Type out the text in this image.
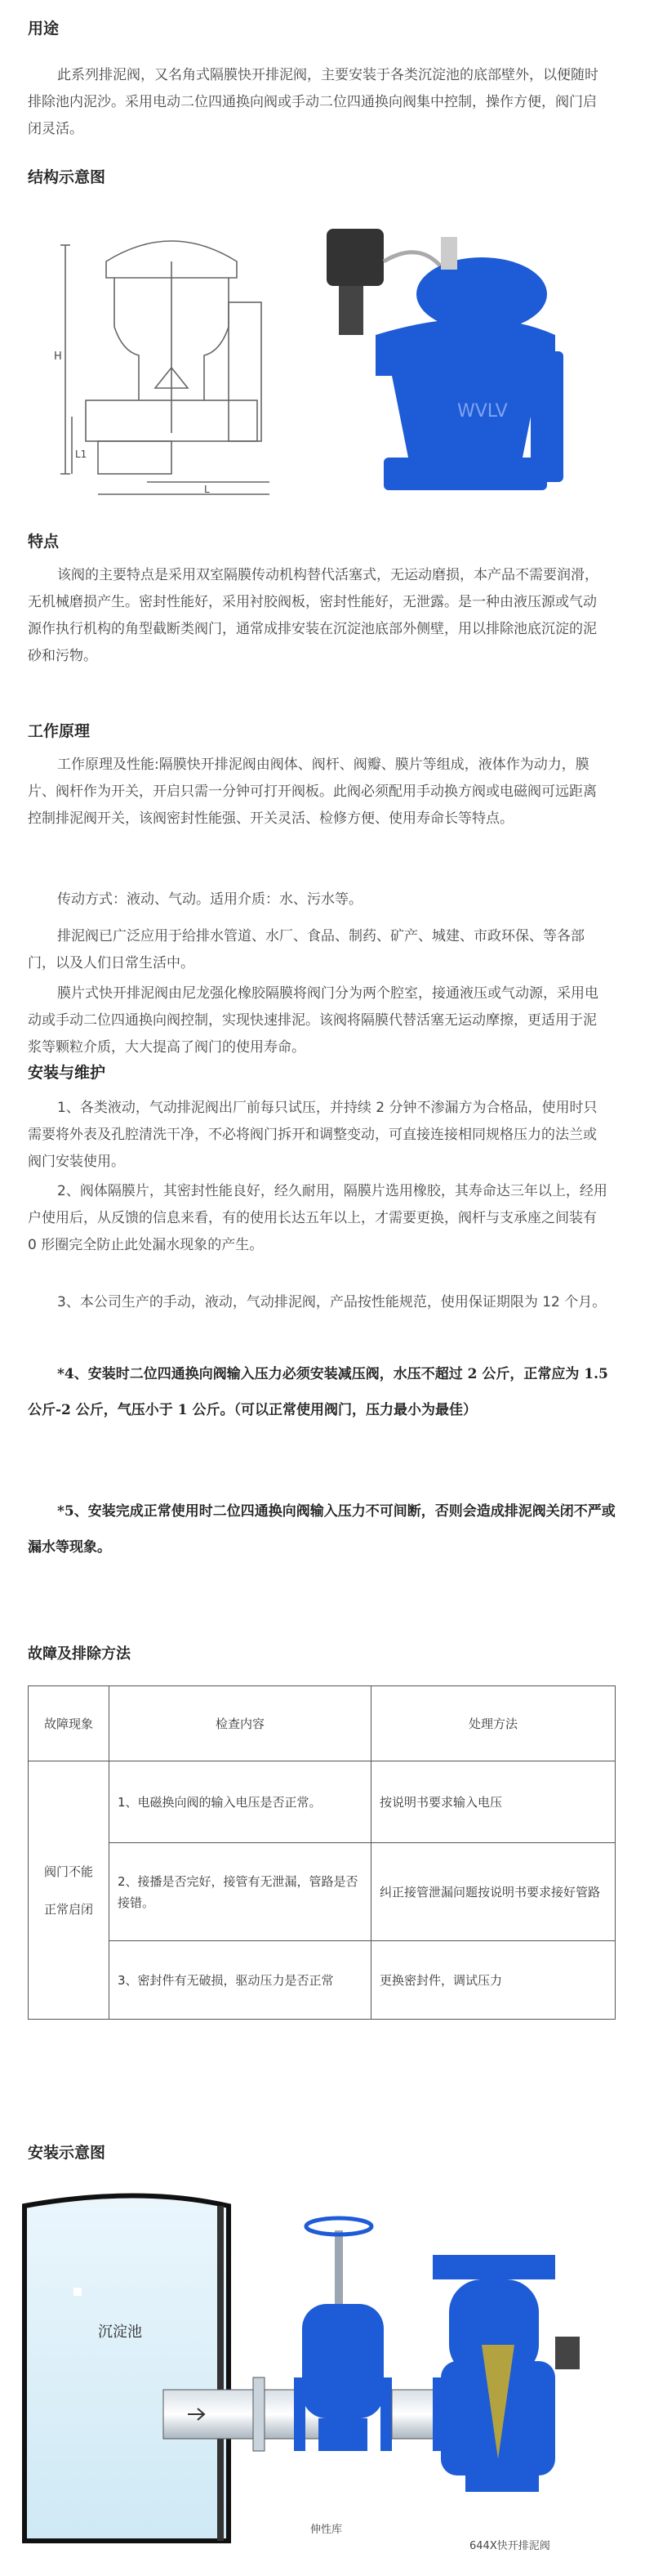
用途
此系列排泥阀，又名角式隔膜快开排泥阀，主要安装于各类沉淀池的底部壁外，以便随时排除池内泥沙。采用电动二位四通换向阀或手动二位四通换向阀集中控制，操作方便，阀门启闭灵活。
结构示意图
H
L1
L
WVLV
特点
该阀的主要特点是采用双室隔膜传动机构替代活塞式，无运动磨损，本产品不需要润滑，无机械磨损产生。密封性能好，采用衬胶阀板，密封性能好，无泄露。是一种由液压源或气动源作执行机构的角型截断类阀门，通常成排安装在沉淀池底部外侧壁，用以排除池底沉淀的泥砂和污物。
工作原理
工作原理及性能:隔膜快开排泥阀由阀体、阀杆、阀瓣、膜片等组成，液体作为动力，膜片、阀杆作为开关，开启只需一分钟可打开阀板。此阀必须配用手动换方阀或电磁阀可远距离控制排泥阀开关，该阀密封性能强、开关灵活、检修方便、使用寿命长等特点。
传动方式：液动、气动。适用介质：水、污水等。
排泥阀已广泛应用于给排水管道、水厂、食品、制药、矿产、城建、市政环保、等各部门，以及人们日常生活中。
膜片式快开排泥阀由尼龙强化橡胶隔膜将阀门分为两个腔室，接通液压或气动源，采用电动或手动二位四通换向阀控制，实现快速排泥。该阀将隔膜代替活塞无运动摩擦，更适用于泥浆等颗粒介质，大大提高了阀门的使用寿命。
安装与维护
1、各类液动，气动排泥阀出厂前每只试压，并持续 2 分钟不渗漏方为合格品，使用时只需要将外表及孔腔清洗干净，不必将阀门拆开和调整变动，可直接连接相同规格压力的法兰或阀门安装使用。
2、阀体隔膜片，其密封性能良好，经久耐用，隔膜片选用橡胶，其寿命达三年以上，经用户使用后，从反馈的信息来看，有的使用长达五年以上，才需要更换，阀杆与支承座之间装有 0 形圈完全防止此处漏水现象的产生。
3、本公司生产的手动，液动，气动排泥阀，产品按性能规范，使用保证期限为 12 个月。
*4、安装时二位四通换向阀输入压力必须安装减压阀，水压不超过 2 公斤，正常应为 1.5 公斤-2 公斤，气压小于 1 公斤。（可以正常使用阀门，压力最小为最佳）
*5、安装完成正常使用时二位四通换向阀输入压力不可间断，否则会造成排泥阀关闭不严或漏水等现象。
故障及排除方法
故障现象	检查内容	处理方法

阀门不能
正常启闭	1、电磁换向阀的输入电压是否正常。	按说明书要求输入电压
	2、接播是否完好，接管有无泄漏，管路是否接错。	纠正接管泄漏问题按说明书要求接好管路
	3、密封件有无破损，驱动压力是否正常	更换密封件，调试压力
安装示意图
沉淀池
伸性库
644X快开排泥阀
